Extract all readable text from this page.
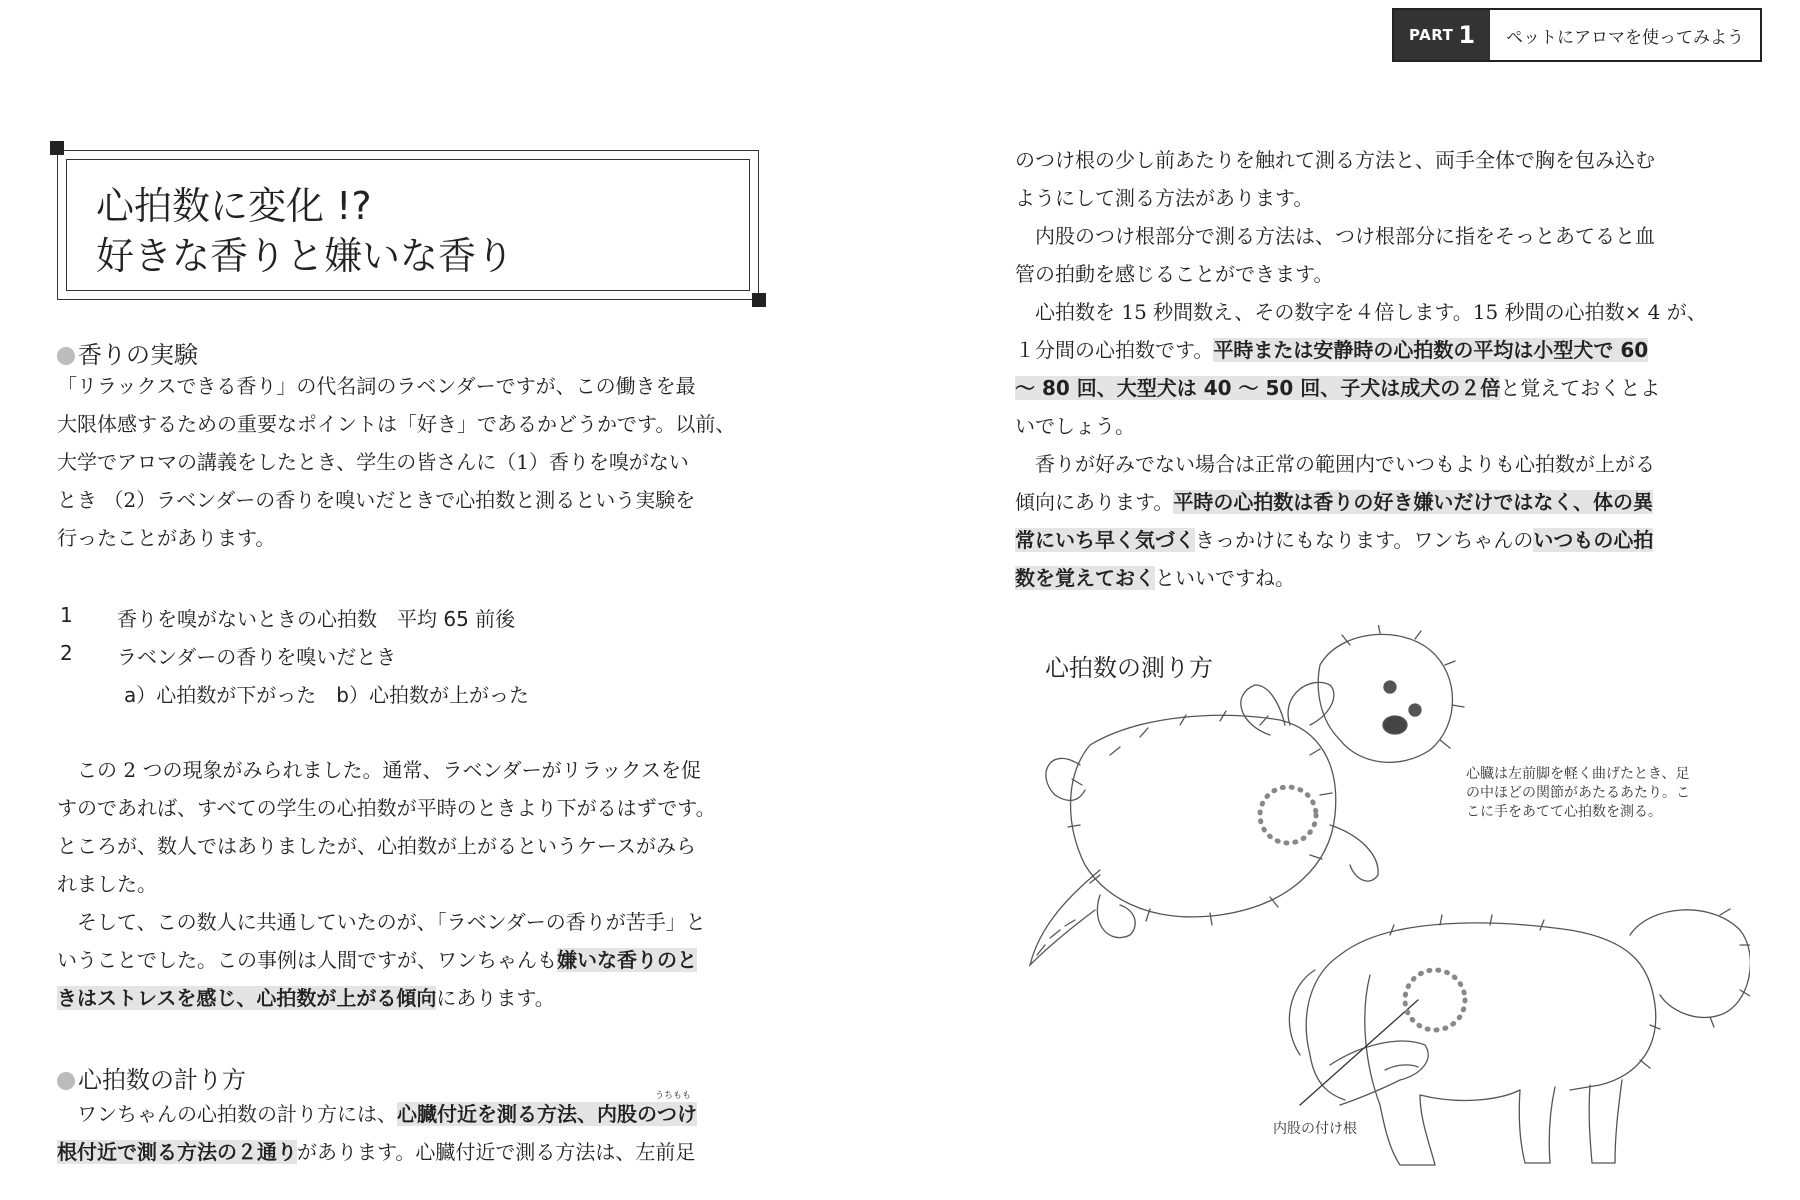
PART 1	ペットにアロマを使ってみよう
心拍数に変化 !?
好きな香りと嫌いな香り
香りの実験
「リラックスできる香り」の代名詞のラベンダーですが、この働きを最
大限体感するための重要なポイントは「好き」であるかどうかです。以前、
大学でアロマの講義をしたとき、学生の皆さんに（1）香りを嗅がない
とき （2）ラベンダーの香りを嗅いだときで心拍数と測るという実験を
行ったことがあります。
1 香りを嗅がないときの心拍数　平均 65 前後
2 ラベンダーの香りを嗅いだとき
a）心拍数が下がった　b）心拍数が上がった
この 2 つの現象がみられました。通常、ラベンダーがリラックスを促
すのであれば、すべての学生の心拍数が平時のときより下がるはずです。
ところが、数人ではありましたが、心拍数が上がるというケースがみら
れました。
そして、この数人に共通していたのが、「ラベンダーの香りが苦手」と
いうことでした。この事例は人間ですが、ワンちゃんも嫌いな香りのと
きはストレスを感じ、心拍数が上がる傾向にあります。
心拍数の計り方
うちもも
ワンちゃんの心拍数の計り方には、心臓付近を測る方法、内股のつけ
根付近で測る方法の２通りがあります。心臓付近で測る方法は、左前足
のつけ根の少し前あたりを触れて測る方法と、両手全体で胸を包み込む
ようにして測る方法があります。
内股のつけ根部分で測る方法は、つけ根部分に指をそっとあてると血
管の拍動を感じることができます。
心拍数を 15 秒間数え、その数字を４倍します。15 秒間の心拍数× 4 が、
１分間の心拍数です。平時または安静時の心拍数の平均は小型犬で 60
～ 80 回、大型犬は 40 ～ 50 回、子犬は成犬の２倍と覚えておくとよ
いでしょう。
香りが好みでない場合は正常の範囲内でいつもよりも心拍数が上がる
傾向にあります。平時の心拍数は香りの好き嫌いだけではなく、体の異
常にいち早く気づくきっかけにもなります。ワンちゃんのいつもの心拍
数を覚えておくといいですね。
心拍数の測り方
心臓は左前脚を軽く曲げたとき、足
の中ほどの関節があたるあたり。こ
こに手をあてて心拍数を測る。
内股の付け根
